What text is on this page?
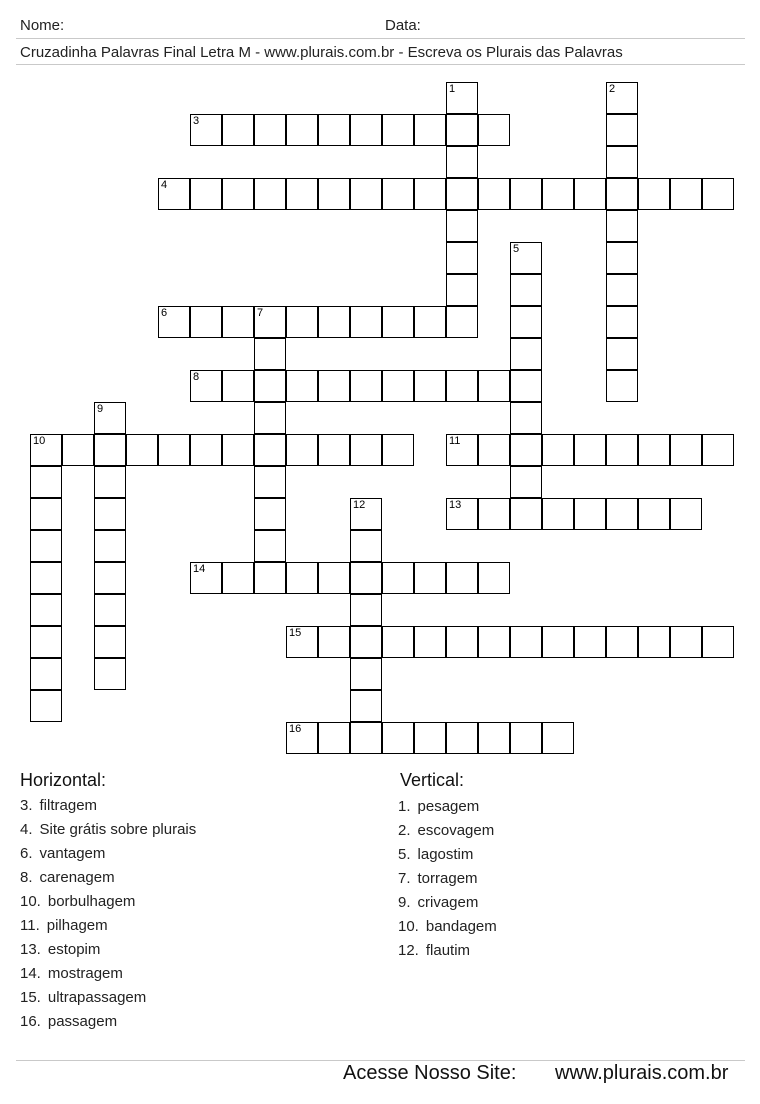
Nome:	Data:
Cruzadinha Palavras Final Letra M - www.plurais.com.br - Escreva os Plurais das Palavras
1	2
3
4
5
6	7
8
9
10	11
12	13
14
15
16
Horizontal:
3. filtragem
4. Site grátis sobre plurais
6. vantagem
8. carenagem
10. borbulhagem
11. pilhagem
13. estopim
14. mostragem
15. ultrapassagem
16. passagem
Vertical:
1. pesagem
2. escovagem
5. lagostim
7. torragem
9. crivagem
10. bandagem
12. flautim
Acesse Nosso Site: www.plurais.com.br
